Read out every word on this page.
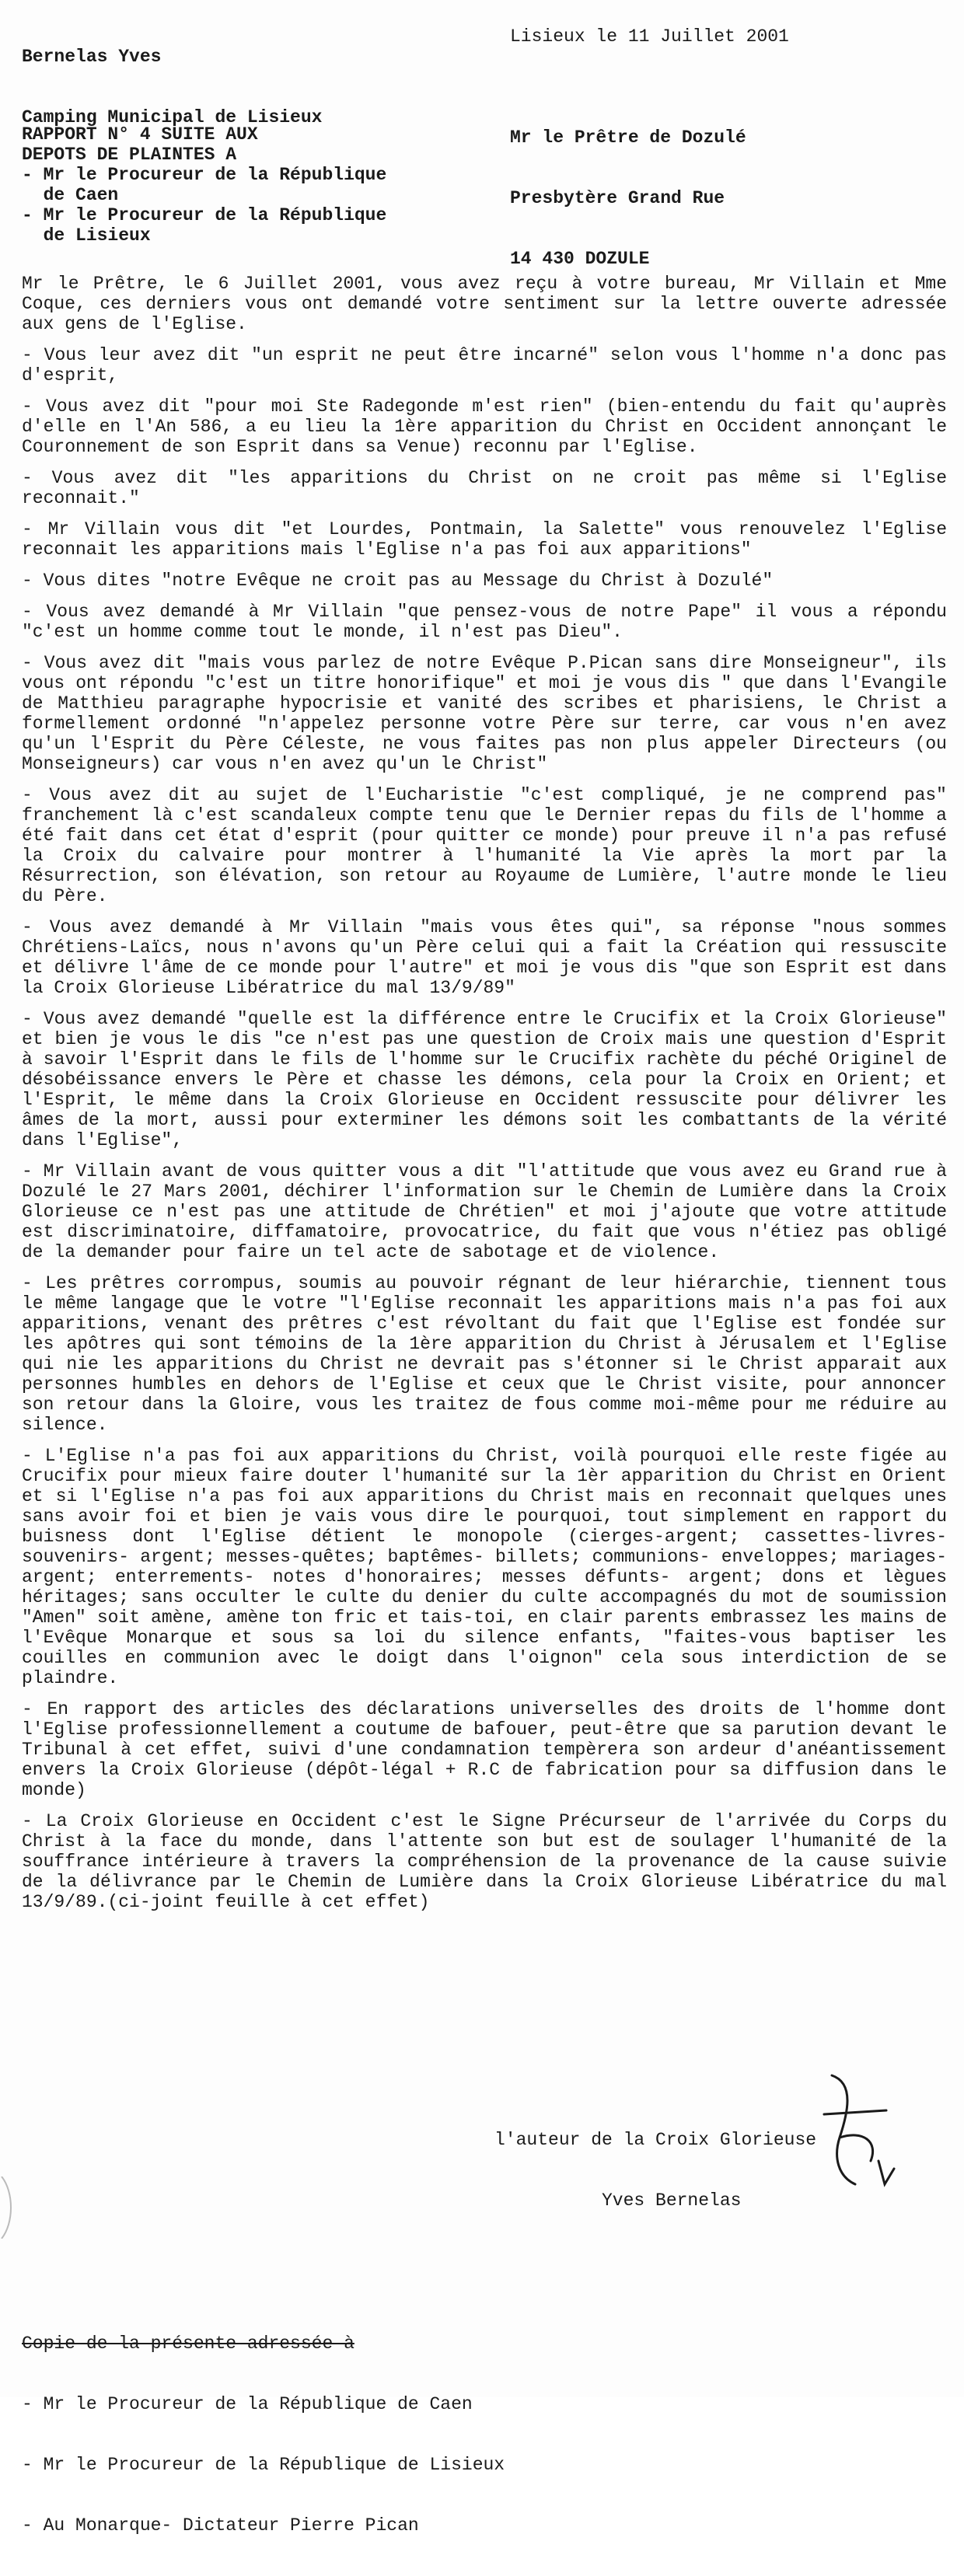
Bernelas Yves

Camping Municipal de Lisieux

Lisieux le 11 Juillet 2001

Mr le Prêtre de Dozulé

Presbytère Grand Rue

14 430 DOZULE

RAPPORT N° 4 SUITE AUX
DEPOTS DE PLAINTES A
- Mr le Procureur de la République
de Caen
- Mr le Procureur de la République
de Lisieux

Mr le Prêtre, le 6 Juillet 2001, vous avez reçu à votre bureau, Mr Villain et Mme Coque, ces derniers vous ont demandé votre sentiment sur la lettre ouverte adressée aux gens de l'Eglise.

- Vous leur avez dit "un esprit ne peut être incarné" selon vous l'homme n'a donc pas d'esprit,

- Vous avez dit "pour moi Ste Radegonde m'est rien" (bien-entendu du fait qu'auprès d'elle en l'An 586, a eu lieu la 1ère apparition du Christ en Occident annonçant le Couronnement de son Esprit dans sa Venue) reconnu par l'Eglise.

- Vous avez dit "les apparitions du Christ on ne croit pas même si l'Eglise reconnait."

- Mr Villain vous dit "et Lourdes, Pontmain, la Salette" vous renouvelez l'Eglise reconnait les apparitions mais l'Eglise n'a pas foi aux apparitions"

- Vous dites "notre Evêque ne croit pas au Message du Christ à Dozulé"

- Vous avez demandé à Mr Villain "que pensez-vous de notre Pape" il vous a répondu "c'est un homme comme tout le monde, il n'est pas Dieu".

- Vous avez dit "mais vous parlez de notre Evêque P.Pican sans dire Monseigneur", ils vous ont répondu "c'est un titre honorifique" et moi je vous dis " que dans l'Evangile de Matthieu paragraphe hypocrisie et vanité des scribes et pharisiens, le Christ a formellement ordonné "n'appelez personne votre Père sur terre, car vous n'en avez qu'un l'Esprit du Père Céleste, ne vous faites pas non plus appeler Directeurs (ou Monseigneurs) car vous n'en avez qu'un le Christ"

- Vous avez dit au sujet de l'Eucharistie "c'est compliqué, je ne comprend pas" franchement là c'est scandaleux compte tenu que le Dernier repas du fils de l'homme a été fait dans cet état d'esprit (pour quitter ce monde) pour preuve il n'a pas refusé la Croix du calvaire pour montrer à l'humanité la Vie après la mort par la Résurrection, son élévation, son retour au Royaume de Lumière, l'autre monde le lieu du Père.

- Vous avez demandé à Mr Villain "mais vous êtes qui", sa réponse "nous sommes Chrétiens-Laïcs, nous n'avons qu'un Père celui qui a fait la Création qui ressuscite et délivre l'âme de ce monde pour l'autre" et moi je vous dis "que son Esprit est dans la Croix Glorieuse Libératrice du mal 13/9/89"

- Vous avez demandé "quelle est la différence entre le Crucifix et la Croix Glorieuse" et bien je vous le dis "ce n'est pas une question de Croix mais une question d'Esprit à savoir l'Esprit dans le fils de l'homme sur le Crucifix rachète du péché Originel de désobéissance envers le Père et chasse les démons, cela pour la Croix en Orient; et l'Esprit, le même dans la Croix Glorieuse en Occident ressuscite pour délivrer les âmes de la mort, aussi pour exterminer les démons soit les combattants de la vérité dans l'Eglise",

- Mr Villain avant de vous quitter vous a dit "l'attitude que vous avez eu Grand rue à Dozulé le 27 Mars 2001, déchirer l'information sur le Chemin de Lumière dans la Croix Glorieuse ce n'est pas une attitude de Chrétien" et moi j'ajoute que votre attitude est discriminatoire, diffamatoire, provocatrice, du fait que vous n'étiez pas obligé de la demander pour faire un tel acte de sabotage et de violence.

- Les prêtres corrompus, soumis au pouvoir régnant de leur hiérarchie, tiennent tous le même langage que le votre "l'Eglise reconnait les apparitions mais n'a pas foi aux apparitions, venant des prêtres c'est révoltant du fait que l'Eglise est fondée sur les apôtres qui sont témoins de la 1ère apparition du Christ à Jérusalem et l'Eglise qui nie les apparitions du Christ ne devrait pas s'étonner si le Christ apparait aux personnes humbles en dehors de l'Eglise et ceux que le Christ visite, pour annoncer son retour dans la Gloire, vous les traitez de fous comme moi-même pour me réduire au silence.

- L'Eglise n'a pas foi aux apparitions du Christ, voilà pourquoi elle reste figée au Crucifix pour mieux faire douter l'humanité sur la 1èr apparition du Christ en Orient et si l'Eglise n'a pas foi aux apparitions du Christ mais en reconnait quelques unes sans avoir foi et bien je vais vous dire le pourquoi, tout simplement en rapport du buisness dont l'Eglise détient le monopole (cierges-argent; cassettes-livres-souvenirs- argent; messes-quêtes; baptêmes- billets; communions- enveloppes; mariages- argent; enterrements- notes d'honoraires; messes défunts- argent; dons et lègues héritages; sans occulter le culte du denier du culte accompagnés du mot de soumission "Amen" soit amène, amène ton fric et tais-toi, en clair parents embrassez les mains de l'Evêque Monarque et sous sa loi du silence enfants, "faites-vous baptiser les couilles en communion avec le doigt dans l'oignon" cela sous interdiction de se plaindre.

- En rapport des articles des déclarations universelles des droits de l'homme dont l'Eglise professionnellement a coutume de bafouer, peut-être que sa parution devant le Tribunal à cet effet, suivi d'une condamnation tempèrera son ardeur d'anéantissement envers la Croix Glorieuse (dépôt-légal + R.C de fabrication pour sa diffusion dans le monde)

- La Croix Glorieuse en Occident c'est le Signe Précurseur de l'arrivée du Corps du Christ à la face du monde, dans l'attente son but est de soulager l'humanité de la souffrance intérieure à travers la compréhension de la provenance de la cause suivie de la délivrance par le Chemin de Lumière dans la Croix Glorieuse Libératrice du mal 13/9/89.(ci-joint feuille à cet effet)

l'auteur de la Croix Glorieuse

Yves Bernelas

Copie de la présente adressée à

- Mr le Procureur de la République de Caen

- Mr le Procureur de la République de Lisieux

- Au Monarque- Dictateur Pierre Pican
